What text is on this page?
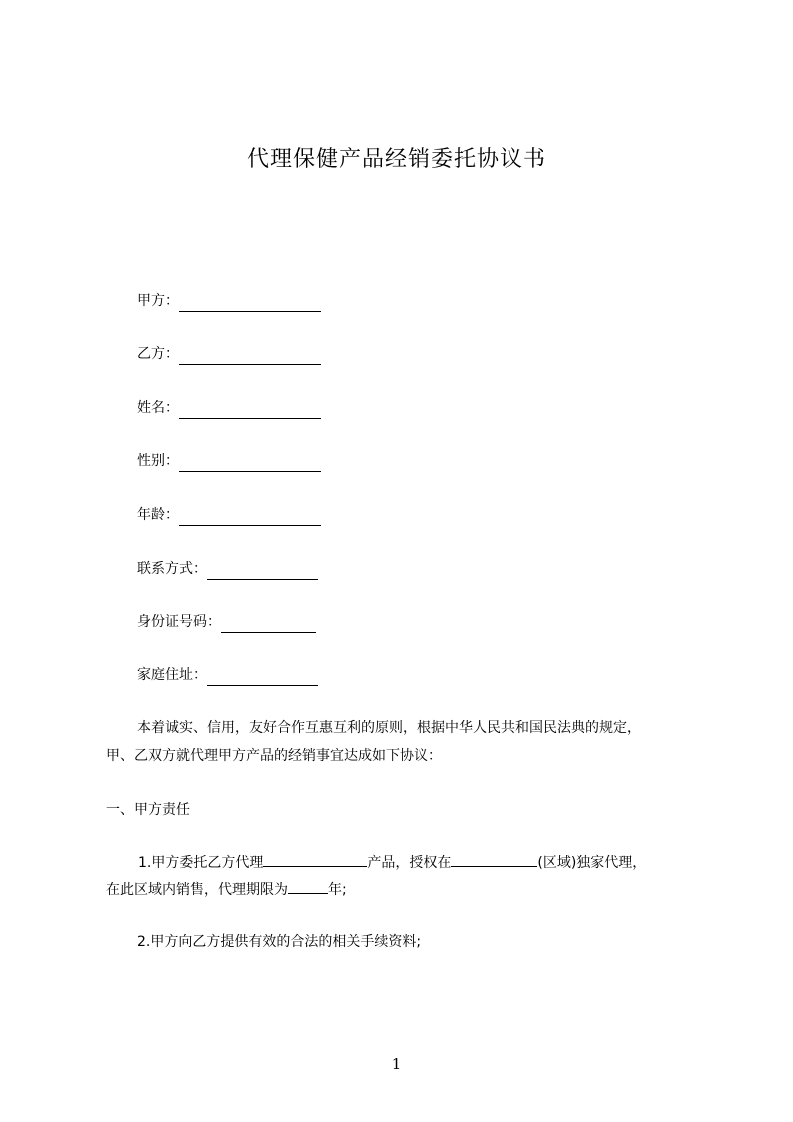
代理保健产品经销委托协议书
甲方：
乙方：
姓名：
性别：
年龄：
联系方式：
身份证号码：
家庭住址：
本着诚实、信用，友好合作互惠互利的原则，根据中华人民共和国民法典的规定，
甲、乙双方就代理甲方产品的经销事宜达成如下协议：
一、甲方责任
1.甲方委托乙方代理	产品，授权在	(区域)独家代理，
在此区域内销售，代理期限为	年;
2.甲方向乙方提供有效的合法的相关手续资料;
1
